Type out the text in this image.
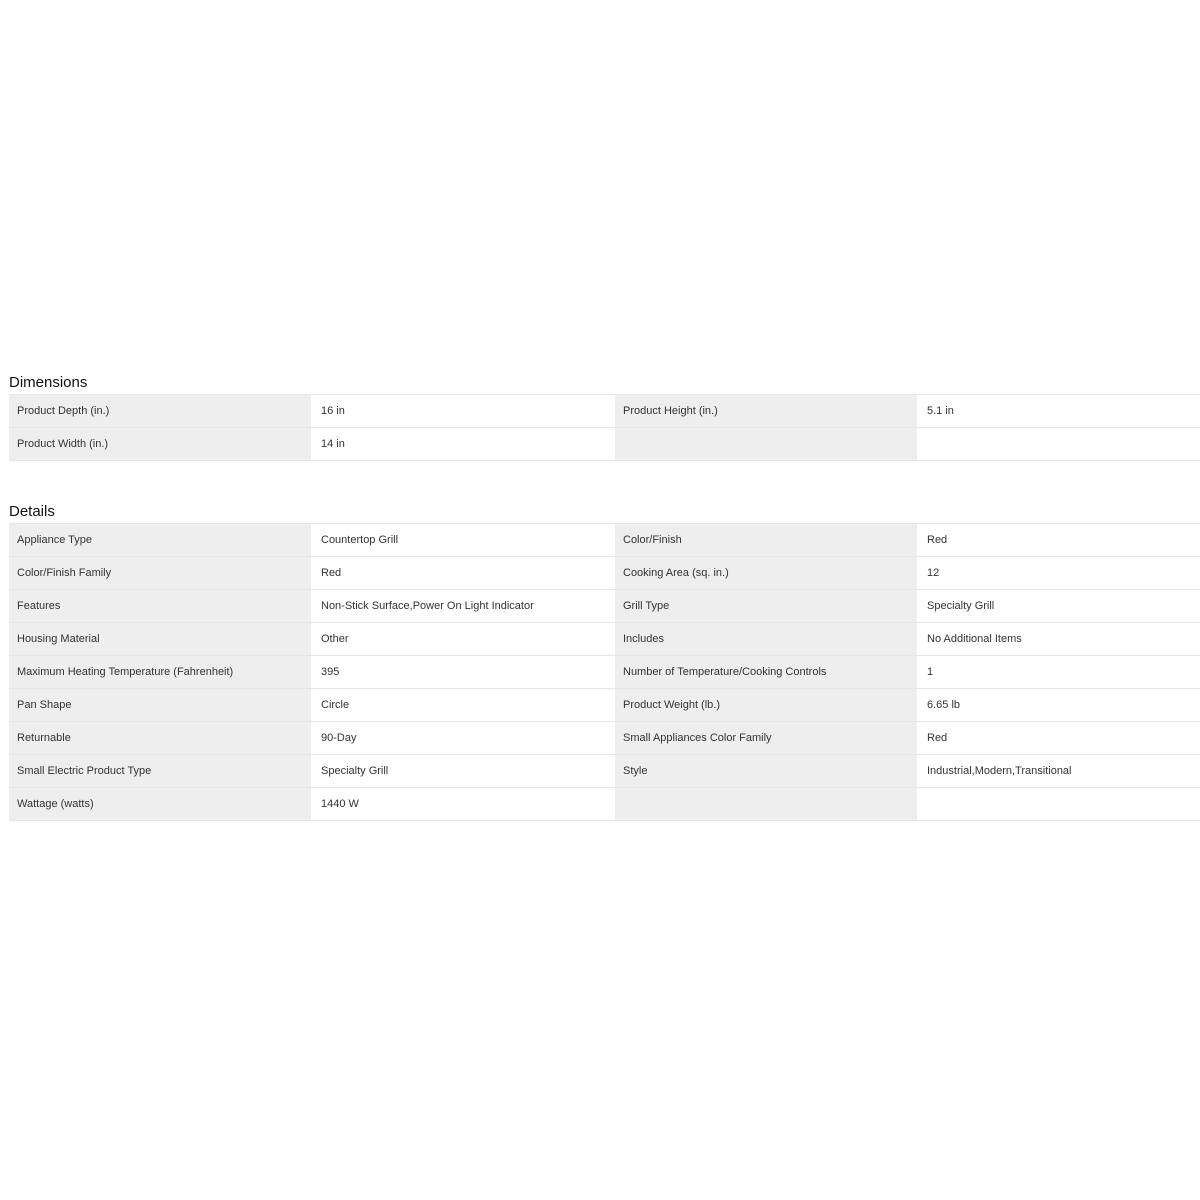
Dimensions
Product Depth (in.)	16 in	Product Height (in.)	5.1 in
Product Width (in.)	14 in		
Details
Appliance Type	Countertop Grill	Color/Finish	Red
Color/Finish Family	Red	Cooking Area (sq. in.)	12
Features	Non-Stick Surface,Power On Light Indicator	Grill Type	Specialty Grill
Housing Material	Other	Includes	No Additional Items
Maximum Heating Temperature (Fahrenheit)	395	Number of Temperature/Cooking Controls	1
Pan Shape	Circle	Product Weight (lb.)	6.65 lb
Returnable	90-Day	Small Appliances Color Family	Red
Small Electric Product Type	Specialty Grill	Style	Industrial,Modern,Transitional
Wattage (watts)	1440 W		
